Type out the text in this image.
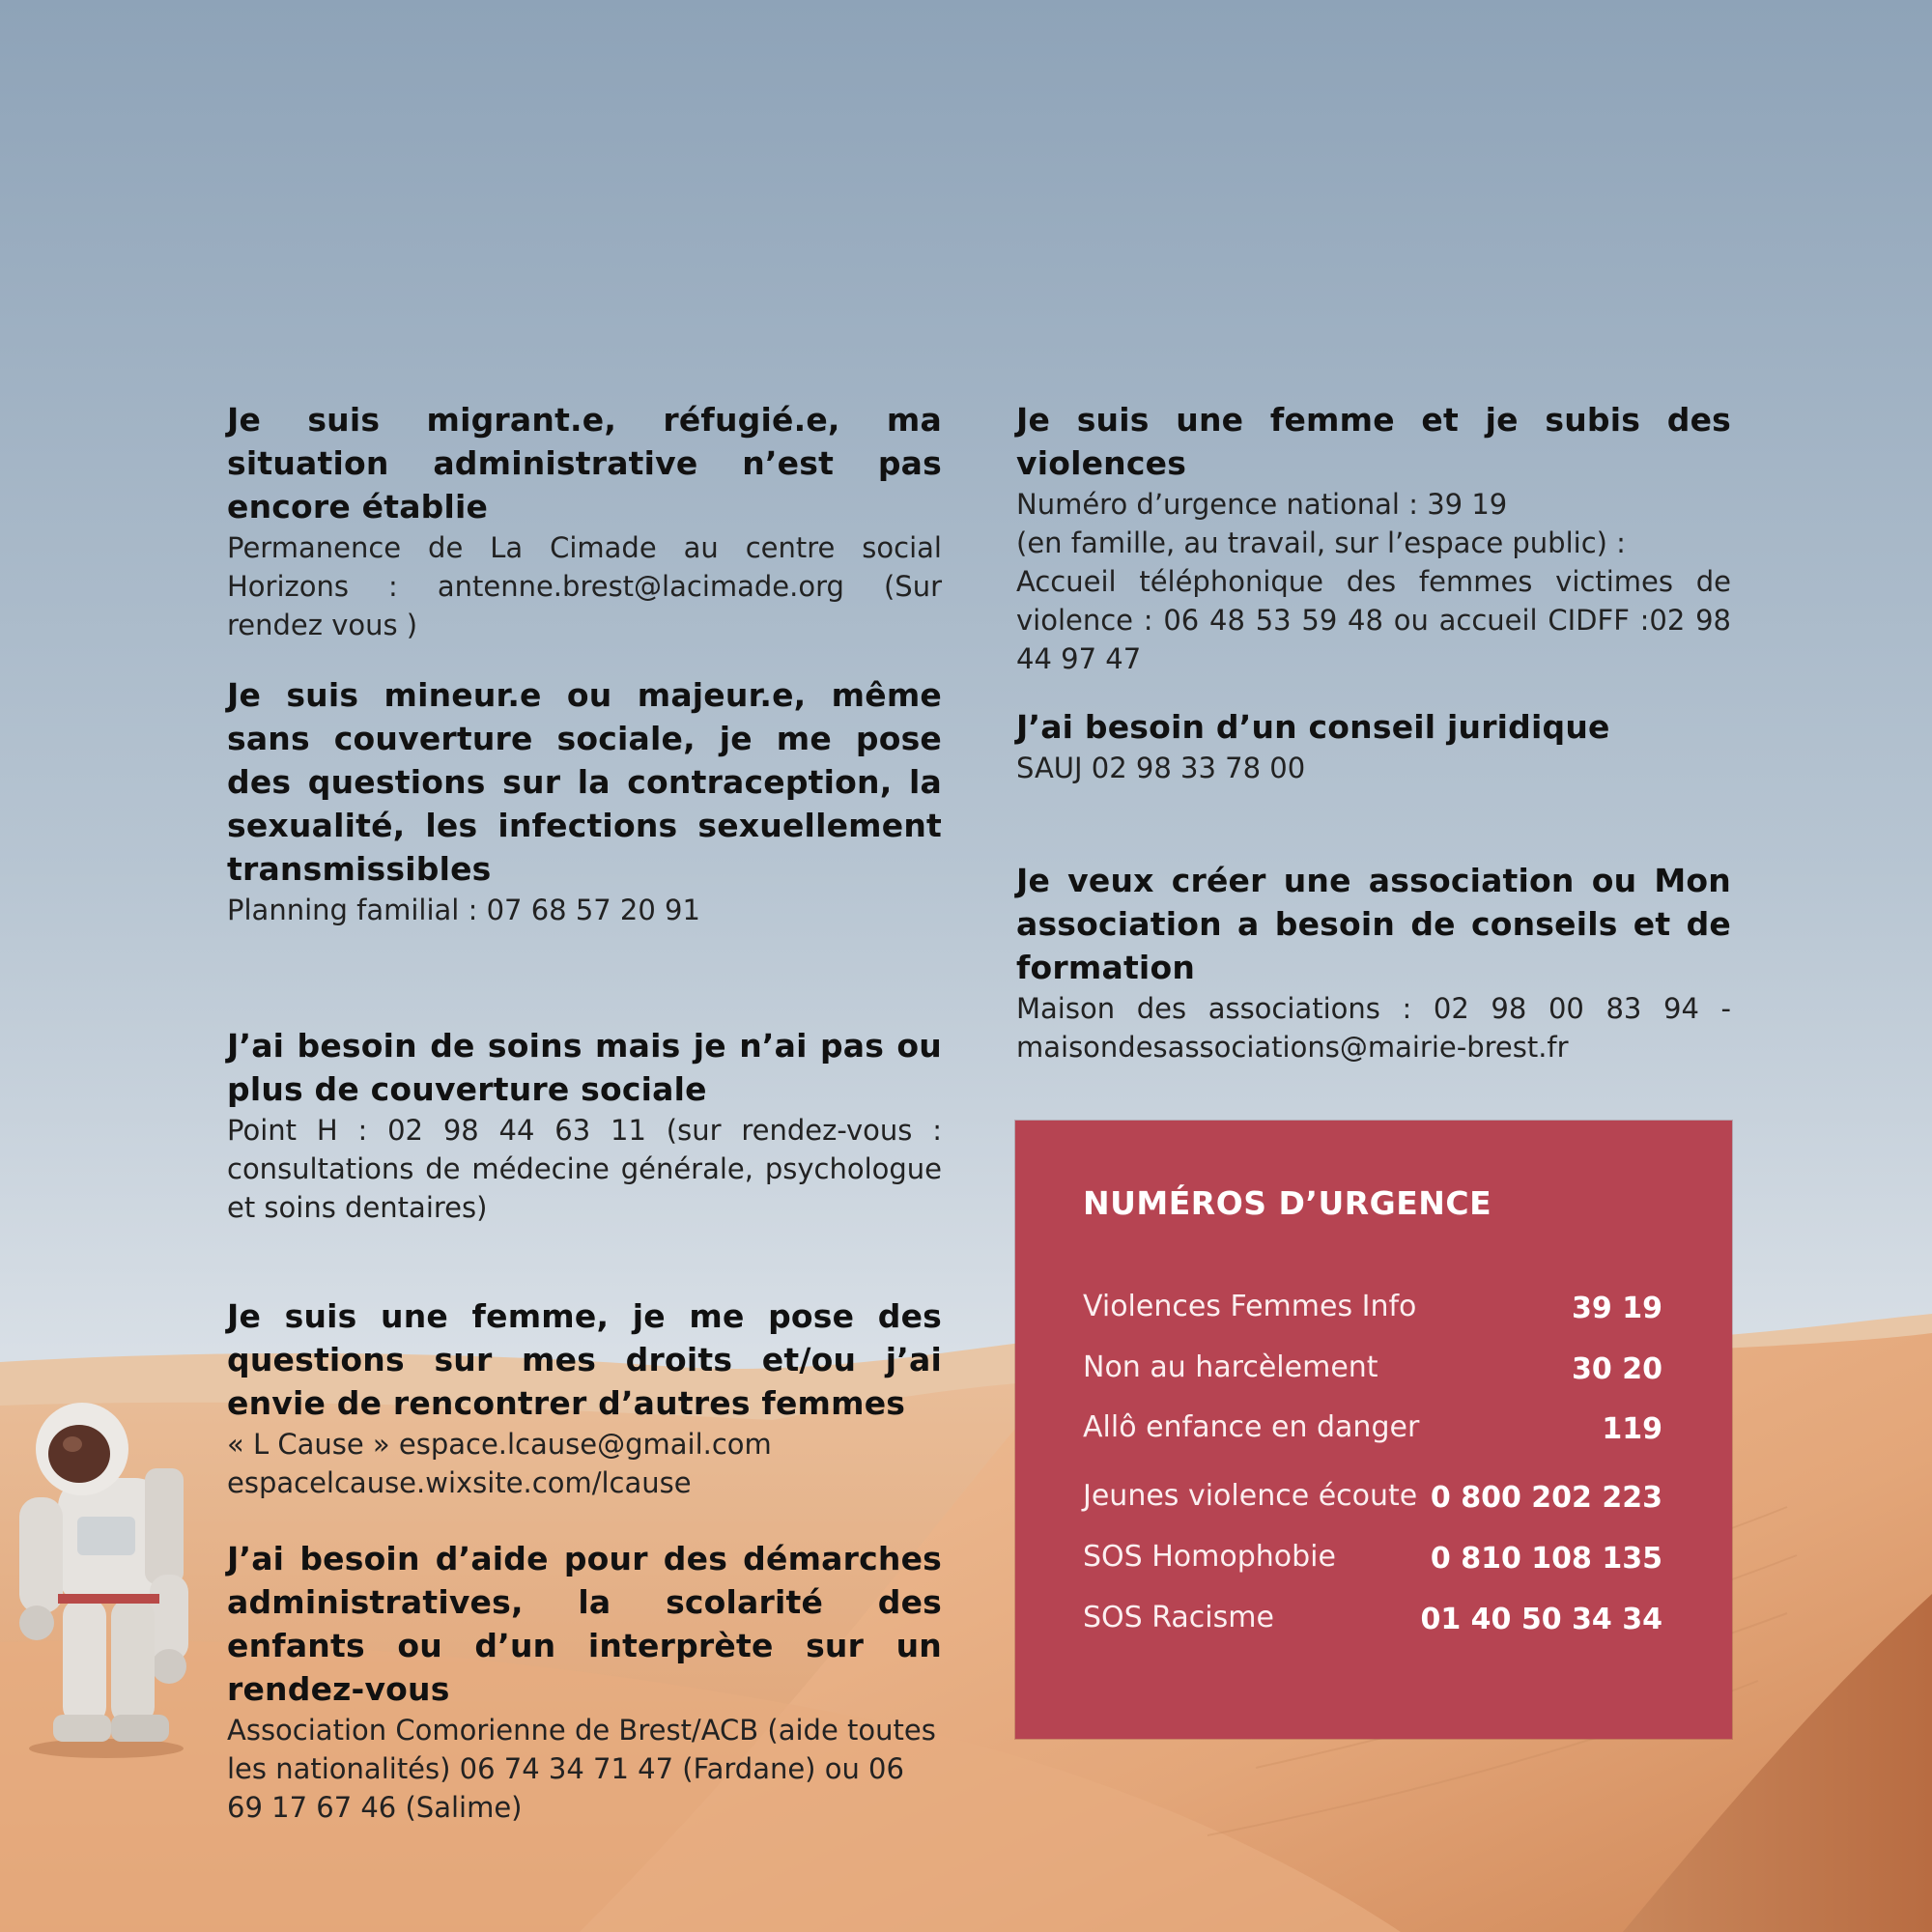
Je suis migrant.e, réfugié.e, ma situation administrative n’est pas encore établie

Permanence de La Cimade au centre social Horizons : antenne.brest@lacimade.org (Sur rendez vous )

Je suis mineur.e ou majeur.e, même sans couverture sociale, je me pose des questions sur la contraception, la sexualité, les infections sexuellement transmissibles

Planning familial : 07 68 57 20 91

J’ai besoin de soins mais je n’ai pas ou plus de couverture sociale

Point H : 02 98 44 63 11 (sur rendez-vous : consultations de médecine générale, psychologue et soins dentaires)

Je suis une femme, je me pose des questions sur mes droits et/ou j’ai envie de rencontrer d’autres femmes

« L Cause » espace.lcause@gmail.com

espacelcause.wixsite.com/lcause

J’ai besoin d’aide pour des démarches administratives, la scolarité des enfants ou d’un interprète sur un rendez-vous

Association Comorienne de Brest/ACB (aide toutes les nationalités) 06 74 34 71 47 (Fardane) ou 06 69 17 67 46 (Salime)

Je suis une femme et je subis des violences

Numéro d’urgence national : 39 19

(en famille, au travail, sur l’espace public) :

Accueil téléphonique des femmes victimes de violence : 06 48 53 59 48 ou accueil CIDFF :02 98 44 97 47

J’ai besoin d’un conseil juridique

SAUJ 02 98 33 78 00

Je veux créer une association ou Mon association a besoin de conseils et de formation

Maison des associations : 02 98 00 83 94 - maisondesassociations@mairie-brest.fr

NUMÉROS D’URGENCE
Violences Femmes Info	39 19
Non au harcèlement	30 20
Allô enfance en danger	119
Jeunes violence écoute 0 800 202 223
SOS Homophobie	0 810 108 135
SOS Racisme	01 40 50 34 34
